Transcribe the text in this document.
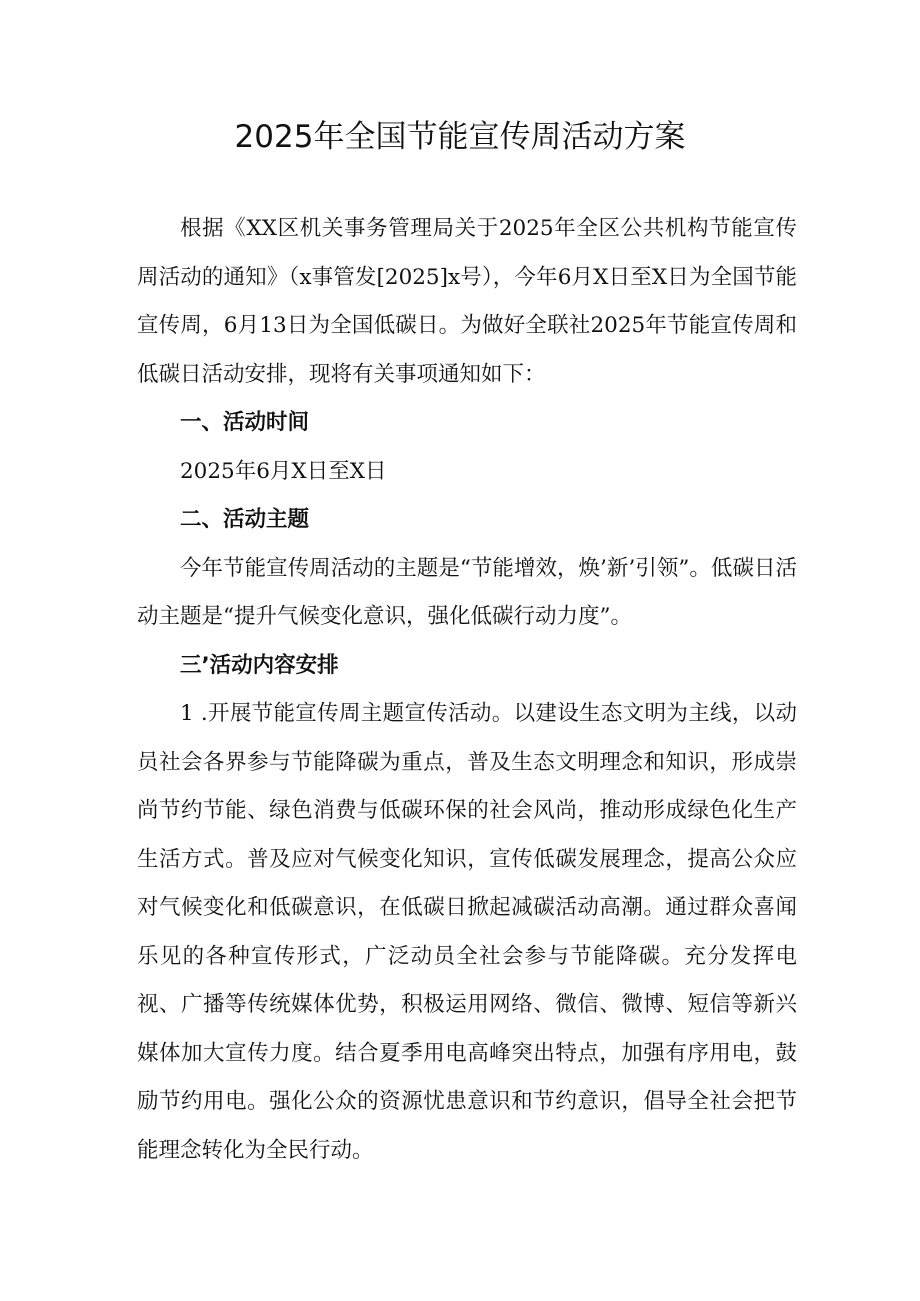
2025年全国节能宣传周活动方案

根据《XX区机关事务管理局关于2025年全区公共机构节能宣传周活动的通知》（x事管发[2025]x号），今年6月X日至X日为全国节能宣传周，6月13日为全国低碳日。为做好全联社2025年节能宣传周和低碳日活动安排，现将有关事项通知如下：

一、活动时间

2025年6月X日至X日

二、活动主题

今年节能宣传周活动的主题是“节能增效，焕’新’引领”。低碳日活动主题是“提升气候变化意识，强化低碳行动力度”。

三’活动内容安排

1 .开展节能宣传周主题宣传活动。以建设生态文明为主线，以动员社会各界参与节能降碳为重点，普及生态文明理念和知识，形成崇尚节约节能、绿色消费与低碳环保的社会风尚，推动形成绿色化生产生活方式。普及应对气候变化知识，宣传低碳发展理念，提高公众应对气候变化和低碳意识，在低碳日掀起减碳活动高潮。通过群众喜闻乐见的各种宣传形式，广泛动员全社会参与节能降碳。充分发挥电视、广播等传统媒体优势，积极运用网络、微信、微博、短信等新兴媒体加大宣传力度。结合夏季用电高峰突出特点，加强有序用电，鼓励节约用电。强化公众的资源忧患意识和节约意识，倡导全社会把节能理念转化为全民行动。
